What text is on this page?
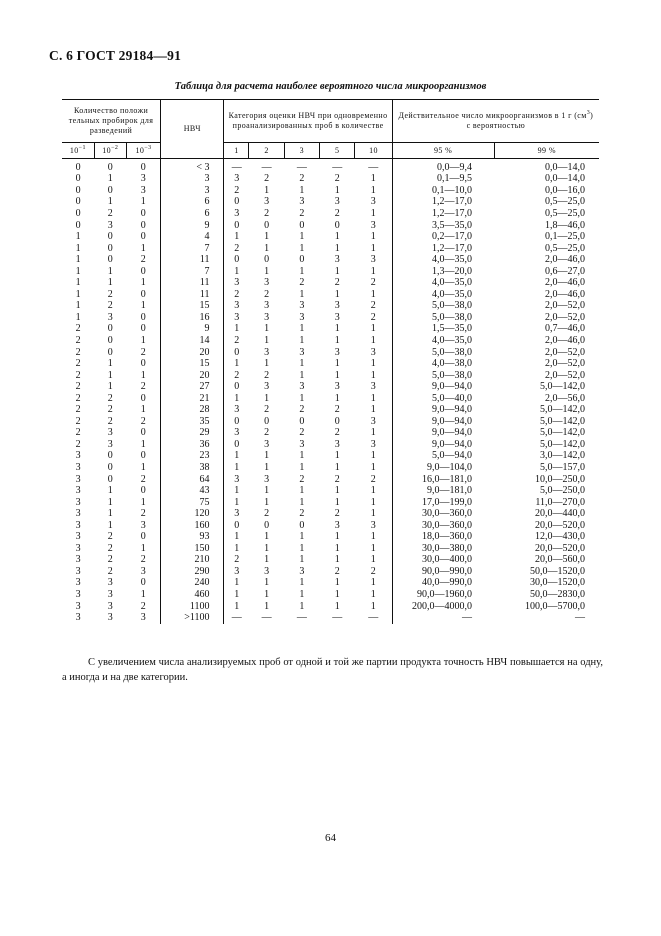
С. 6 ГОСТ 29184—91
Таблица для расчета наиболее вероятного числа микроорганизмов
Количество положи тельных пробирок для разведений			НВЧ	Категория оценки НВЧ при одновременно проанализированных проб в количестве					Действительное число микроорганизмов в 1 г $(см^3)$ с вероятностью	
$10^{-1}$	$10^{-2}$	$10^{-3}$		1	2	3	5	10	95 %	99 %
0	0	0	< 3	—	—	—	—	—	0,0—9,4	0,0—14,0
0	1	3	3	3	2	2	2	1	0,1—9,5	0,0—14,0
0	0	3	3	2	1	1	1	1	0,1—10,0	0,0—16,0
0	1	1	6	0	3	3	3	3	1,2—17,0	0,5—25,0
0	2	0	6	3	2	2	2	1	1,2—17,0	0,5—25,0
0	3	0	9	0	0	0	0	3	3,5—35,0	1,8—46,0
1	0	0	4	1	1	1	1	1	0,2—17,0	0,1—25,0
1	0	1	7	2	1	1	1	1	1,2—17,0	0,5—25,0
1	0	2	11	0	0	0	3	3	4,0—35,0	2,0—46,0
1	1	0	7	1	1	1	1	1	1,3—20,0	0,6—27,0
1	1	1	11	3	3	2	2	2	4,0—35,0	2,0—46,0
1	2	0	11	2	2	1	1	1	4,0—35,0	2,0—46,0
1	2	1	15	3	3	3	3	2	5,0—38,0	2,0—52,0
1	3	0	16	3	3	3	3	2	5,0—38,0	2,0—52,0
2	0	0	9	1	1	1	1	1	1,5—35,0	0,7—46,0
2	0	1	14	2	1	1	1	1	4,0—35,0	2,0—46,0
2	0	2	20	0	3	3	3	3	5,0—38,0	2,0—52,0
2	1	0	15	1	1	1	1	1	4,0—38,0	2,0—52,0
2	1	1	20	2	2	1	1	1	5,0—38,0	2,0—52,0
2	1	2	27	0	3	3	3	3	9,0—94,0	5,0—142,0
2	2	0	21	1	1	1	1	1	5,0—40,0	2,0—56,0
2	2	1	28	3	2	2	2	1	9,0—94,0	5,0—142,0
2	2	2	35	0	0	0	0	3	9,0—94,0	5,0—142,0
2	3	0	29	3	2	2	2	1	9,0—94,0	5,0—142,0
2	3	1	36	0	3	3	3	3	9,0—94,0	5,0—142,0
3	0	0	23	1	1	1	1	1	5,0—94,0	3,0—142,0
3	0	1	38	1	1	1	1	1	9,0—104,0	5,0—157,0
3	0	2	64	3	3	2	2	2	16,0—181,0	10,0—250,0
3	1	0	43	1	1	1	1	1	9,0—181,0	5,0—250,0
3	1	1	75	1	1	1	1	1	17,0—199,0	11,0—270,0
3	1	2	120	3	2	2	2	1	30,0—360,0	20,0—440,0
3	1	3	160	0	0	0	3	3	30,0—360,0	20,0—520,0
3	2	0	93	1	1	1	1	1	18,0—360,0	12,0—430,0
3	2	1	150	1	1	1	1	1	30,0—380,0	20,0—520,0
3	2	2	210	2	1	1	1	1	30,0—400,0	20,0—560,0
3	2	3	290	3	3	3	2	2	90,0—990,0	50,0—1520,0
3	3	0	240	1	1	1	1	1	40,0—990,0	30,0—1520,0
3	3	1	460	1	1	1	1	1	90,0—1960,0	50,0—2830,0
3	3	2	1100	1	1	1	1	1	200,0—4000,0	100,0—5700,0
3	3	3	>1100	—	—	—	—	—	—	—

С увеличением числа анализируемых проб от одной и той же партии продукта точность НВЧ повышается на одну, а иногда и на две категории.

64
